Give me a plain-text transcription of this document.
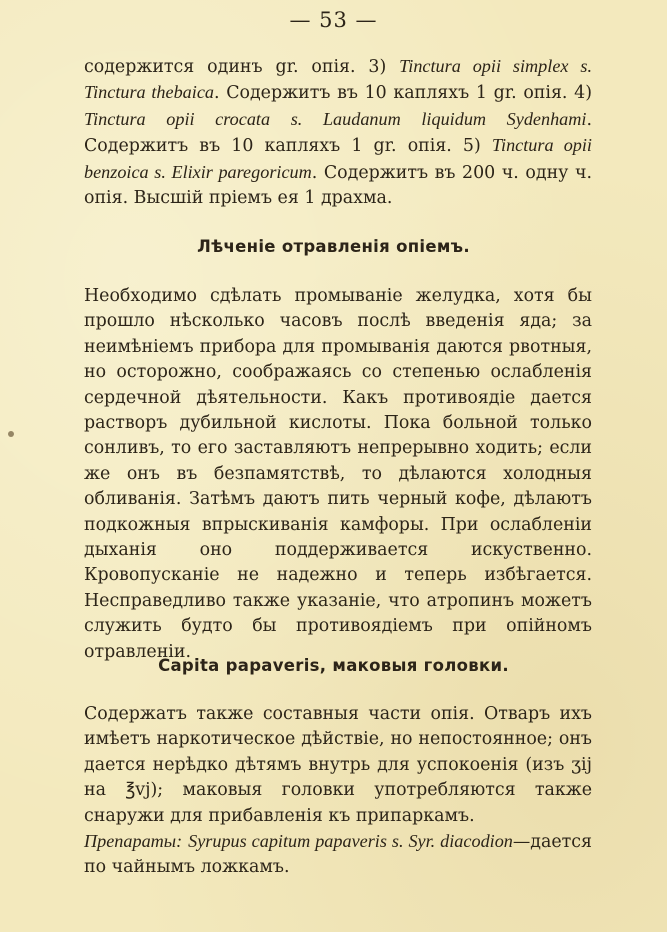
— 53 —
содержится одинъ gr. опія. 3) Tinctura opii simplex s. Tinctura thebaica. Содержитъ въ 10 капляхъ 1 gr. опія. 4) Tinctura opii crocata s. Laudanum liquidum Sydenhami. Содержитъ въ 10 капляхъ 1 gr. опія. 5) Tinctura opii benzoica s. Elixir paregoricum. Содержитъ въ 200 ч. одну ч. опія. Высшій пріемъ ея 1 драхма.
Лѣченіе отравленія опіемъ.
Необходимо сдѣлать промываніе желудка, хотя бы прошло нѣсколько часовъ послѣ введенія яда; за неимѣніемъ прибора для промыванія даются рвотныя, но осторожно, соображаясь со степенью ослабленія сердечной дѣятельности. Какъ противоядіе дается растворъ дубильной кислоты. Пока больной только сонливъ, то его заставляютъ непрерывно ходить; если же онъ въ безпамятствѣ, то дѣлаются холодныя обливанія. Затѣмъ даютъ пить черный кофе, дѣлаютъ подкожныя впрыскиванія камфоры. При ослабленіи дыханія оно поддерживается искуственно. Кровопусканіе не надежно и теперь избѣгается. Несправедливо также указаніе, что атропинъ можетъ служить будто бы противоядіемъ при опійномъ отравленіи.
Capita papaveris, маковыя головки.
Содержатъ также составныя части опія. Отваръ ихъ имѣетъ наркотическое дѣйствіе, но непостоянное; онъ дается нерѣдко дѣтямъ внутрь для успокоенія (изъ ʒij на ℥vj); маковыя головки употребляются также снаружи для прибавленія къ припаркамъ.
Препараты: Syrupus capitum papaveris s. Syr. diacodion—дается по чайнымъ ложкамъ.
